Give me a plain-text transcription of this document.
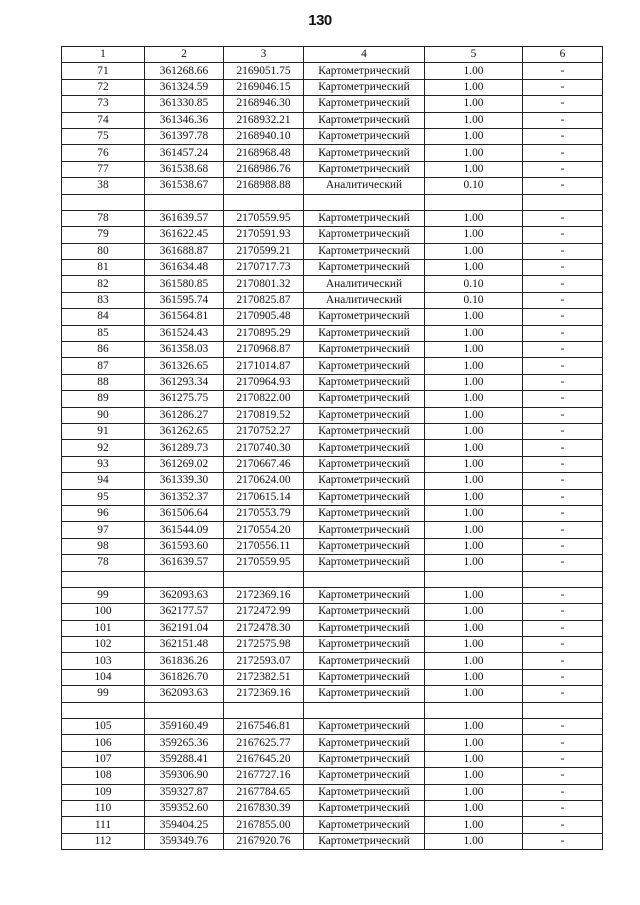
130
1	2	3	4	5	6
71	361268.66	2169051.75	Картометрический	1.00	-
72	361324.59	2169046.15	Картометрический	1.00	-
73	361330.85	2168946.30	Картометрический	1.00	-
74	361346.36	2168932.21	Картометрический	1.00	-
75	361397.78	2168940.10	Картометрический	1.00	-
76	361457.24	2168968.48	Картометрический	1.00	-
77	361538.68	2168986.76	Картометрический	1.00	-
38	361538.67	2168988.88	Аналитический	0.10	-

78	361639.57	2170559.95	Картометрический	1.00	-
79	361622.45	2170591.93	Картометрический	1.00	-
80	361688.87	2170599.21	Картометрический	1.00	-
81	361634.48	2170717.73	Картометрический	1.00	-
82	361580.85	2170801.32	Аналитический	0.10	-
83	361595.74	2170825.87	Аналитический	0.10	-
84	361564.81	2170905.48	Картометрический	1.00	-
85	361524.43	2170895.29	Картометрический	1.00	-
86	361358.03	2170968.87	Картометрический	1.00	-
87	361326.65	2171014.87	Картометрический	1.00	-
88	361293.34	2170964.93	Картометрический	1.00	-
89	361275.75	2170822.00	Картометрический	1.00	-
90	361286.27	2170819.52	Картометрический	1.00	-
91	361262.65	2170752.27	Картометрический	1.00	-
92	361289.73	2170740.30	Картометрический	1.00	-
93	361269.02	2170667.46	Картометрический	1.00	-
94	361339.30	2170624.00	Картометрический	1.00	-
95	361352.37	2170615.14	Картометрический	1.00	-
96	361506.64	2170553.79	Картометрический	1.00	-
97	361544.09	2170554.20	Картометрический	1.00	-
98	361593.60	2170556.11	Картометрический	1.00	-
78	361639.57	2170559.95	Картометрический	1.00	-

99	362093.63	2172369.16	Картометрический	1.00	-
100	362177.57	2172472.99	Картометрический	1.00	-
101	362191.04	2172478.30	Картометрический	1.00	-
102	362151.48	2172575.98	Картометрический	1.00	-
103	361836.26	2172593.07	Картометрический	1.00	-
104	361826.70	2172382.51	Картометрический	1.00	-
99	362093.63	2172369.16	Картометрический	1.00	-

105	359160.49	2167546.81	Картометрический	1.00	-
106	359265.36	2167625.77	Картометрический	1.00	-
107	359288.41	2167645.20	Картометрический	1.00	-
108	359306.90	2167727.16	Картометрический	1.00	-
109	359327.87	2167784.65	Картометрический	1.00	-
110	359352.60	2167830.39	Картометрический	1.00	-
111	359404.25	2167855.00	Картометрический	1.00	-
112	359349.76	2167920.76	Картометрический	1.00	-
